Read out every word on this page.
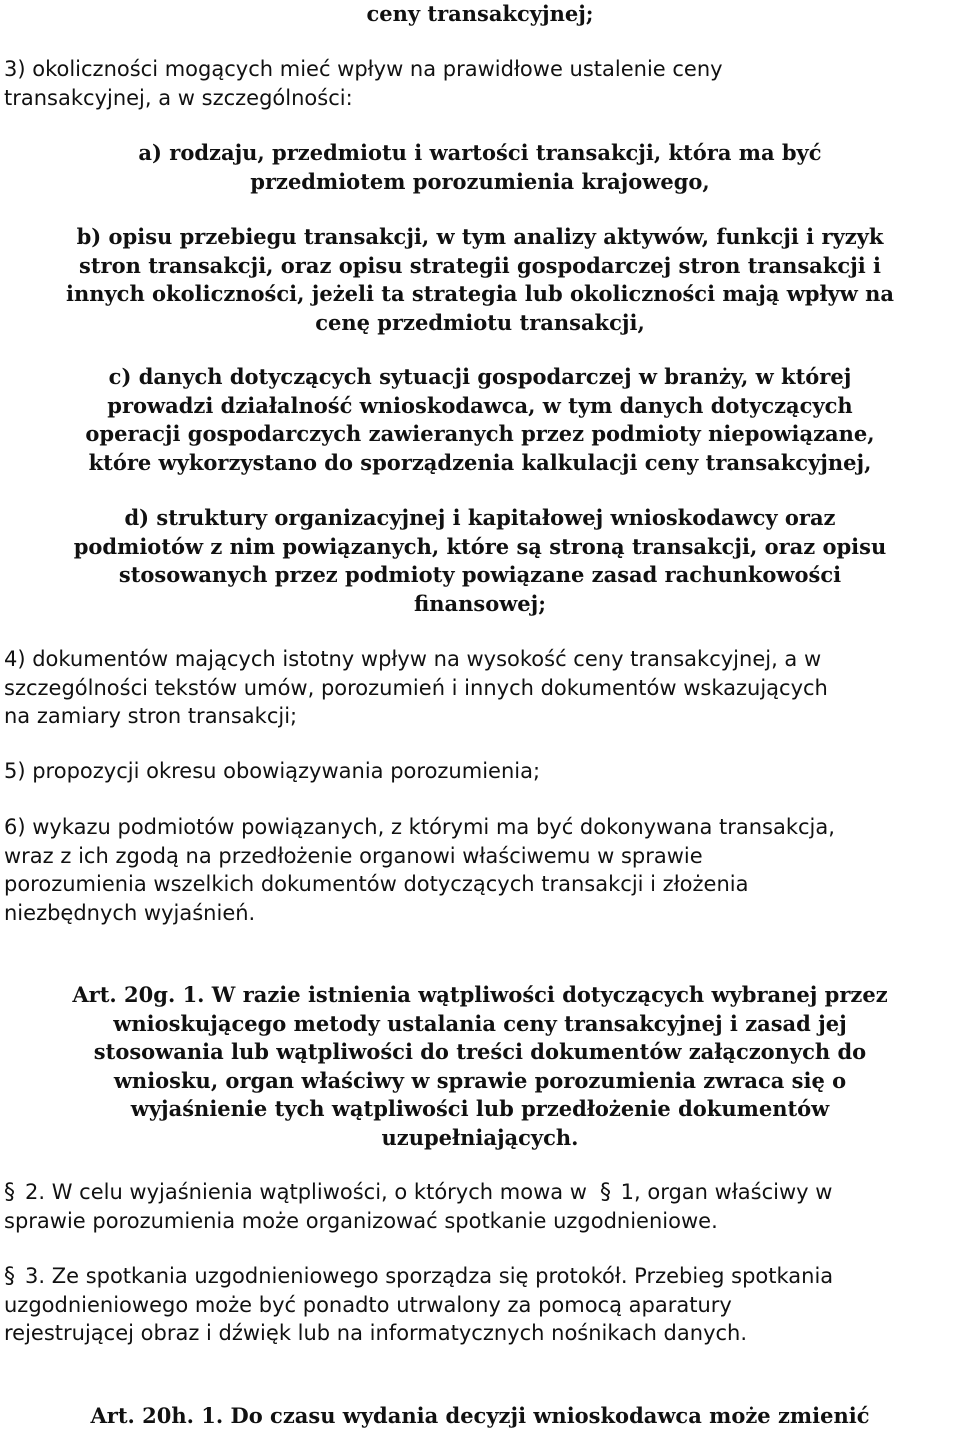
ceny transakcyjnej;

3) okoliczności mogących mieć wpływ na prawidłowe ustalenie ceny
transakcyjnej, a w szczególności:

a) rodzaju, przedmiotu i wartości transakcji, która ma być
przedmiotem porozumienia krajowego,

b) opisu przebiegu transakcji, w tym analizy aktywów, funkcji i ryzyk
stron transakcji, oraz opisu strategii gospodarczej stron transakcji i
innych okoliczności, jeżeli ta strategia lub okoliczności mają wpływ na
cenę przedmiotu transakcji,

c) danych dotyczących sytuacji gospodarczej w branży, w której
prowadzi działalność wnioskodawca, w tym danych dotyczących
operacji gospodarczych zawieranych przez podmioty niepowiązane,
które wykorzystano do sporządzenia kalkulacji ceny transakcyjnej,

d) struktury organizacyjnej i kapitałowej wnioskodawcy oraz
podmiotów z nim powiązanych, które są stroną transakcji, oraz opisu
stosowanych przez podmioty powiązane zasad rachunkowości
finansowej;

4) dokumentów mających istotny wpływ na wysokość ceny transakcyjnej, a w
szczególności tekstów umów, porozumień i innych dokumentów wskazujących
na zamiary stron transakcji;

5) propozycji okresu obowiązywania porozumienia;

6) wykazu podmiotów powiązanych, z którymi ma być dokonywana transakcja,
wraz z ich zgodą na przedłożenie organowi właściwemu w sprawie
porozumienia wszelkich dokumentów dotyczących transakcji i złożenia
niezbędnych wyjaśnień.

Art. 20g. 1. W razie istnienia wątpliwości dotyczących wybranej przez
wnioskującego metody ustalania ceny transakcyjnej i zasad jej
stosowania lub wątpliwości do treści dokumentów załączonych do
wniosku, organ właściwy w sprawie porozumienia zwraca się o
wyjaśnienie tych wątpliwości lub przedłożenie dokumentów
uzupełniających.

§ 2. W celu wyjaśnienia wątpliwości, o których mowa w § 1, organ właściwy w
sprawie porozumienia może organizować spotkanie uzgodnieniowe.

§ 3. Ze spotkania uzgodnieniowego sporządza się protokół. Przebieg spotkania
uzgodnieniowego może być ponadto utrwalony za pomocą aparatury
rejestrującej obraz i dźwięk lub na informatycznych nośnikach danych.

Art. 20h. 1. Do czasu wydania decyzji wnioskodawca może zmienić
